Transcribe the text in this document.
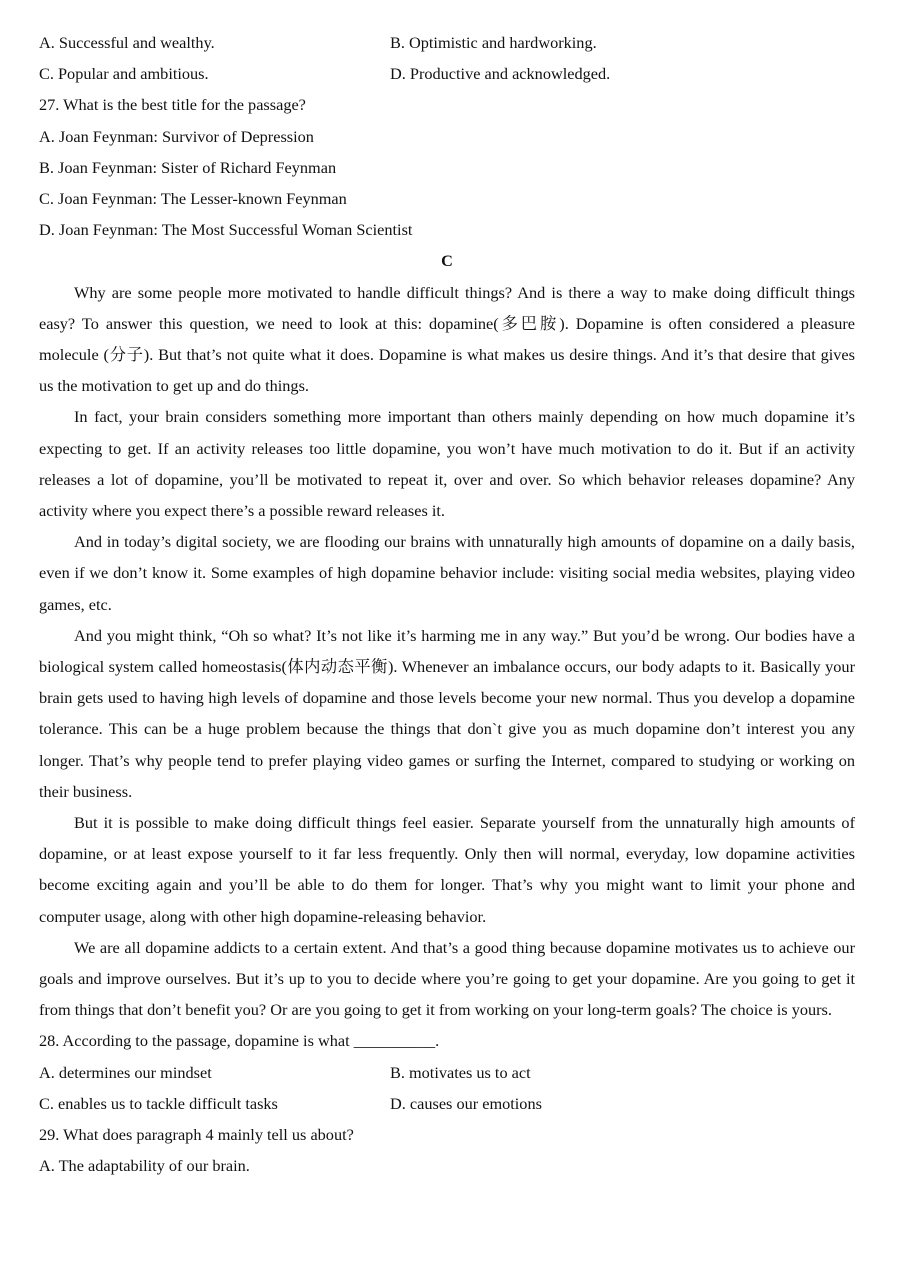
A. Successful and wealthy.	B. Optimistic and hardworking.
C. Popular and ambitious.	D. Productive and acknowledged.
27. What is the best title for the passage?
A. Joan Feynman: Survivor of Depression
B. Joan Feynman: Sister of Richard Feynman
C. Joan Feynman: The Lesser-known Feynman
D. Joan Feynman: The Most Successful Woman Scientist
C

Why are some people more motivated to handle difficult things? And is there a way to make doing difficult things easy? To answer this question, we need to look at this: dopamine(多巴胺). Dopamine is often considered a pleasure molecule (分子). But that’s not quite what it does. Dopamine is what makes us desire things. And it’s that desire that gives us the motivation to get up and do things.

In fact, your brain considers something more important than others mainly depending on how much dopamine it’s expecting to get. If an activity releases too little dopamine, you won’t have much motivation to do it. But if an activity releases a lot of dopamine, you’ll be motivated to repeat it, over and over. So which behavior releases dopamine? Any activity where you expect there’s a possible reward releases it.

And in today’s digital society, we are flooding our brains with unnaturally high amounts of dopamine on a daily basis, even if we don’t know it. Some examples of high dopamine behavior include: visiting social media websites, playing video games, etc.

And you might think, “Oh so what? It’s not like it’s harming me in any way.” But you’d be wrong. Our bodies have a biological system called homeostasis(体内动态平衡). Whenever an imbalance occurs, our body adapts to it. Basically your brain gets used to having high levels of dopamine and those levels become your new normal. Thus you develop a dopamine tolerance. This can be a huge problem because the things that don`t give you as much dopamine don’t interest you any longer. That’s why people tend to prefer playing video games or surfing the Internet, compared to studying or working on their business.

But it is possible to make doing difficult things feel easier. Separate yourself from the unnaturally high amounts of dopamine, or at least expose yourself to it far less frequently. Only then will normal, everyday, low dopamine activities become exciting again and you’ll be able to do them for longer. That’s why you might want to limit your phone and computer usage, along with other high dopamine-releasing behavior.

We are all dopamine addicts to a certain extent. And that’s a good thing because dopamine motivates us to achieve our goals and improve ourselves. But it’s up to you to decide where you’re going to get your dopamine. Are you going to get it from things that don’t benefit you? Or are you going to get it from working on your long-term goals? The choice is yours.

28. According to the passage, dopamine is what __________.
A. determines our mindset	B. motivates us to act
C. enables us to tackle difficult tasks	D. causes our emotions
29. What does paragraph 4 mainly tell us about?
A. The adaptability of our brain.
